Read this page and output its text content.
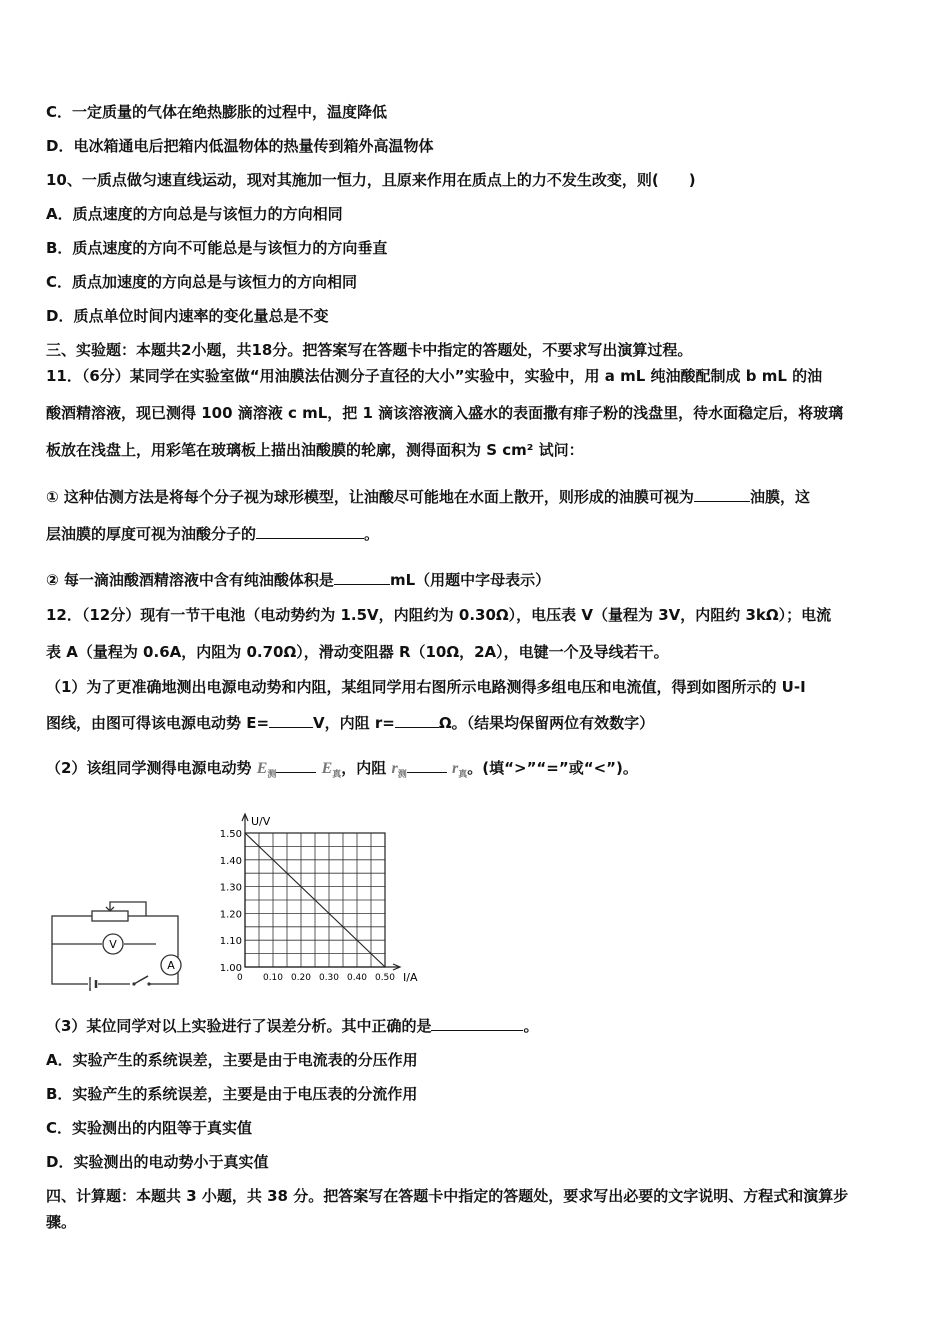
C．一定质量的气体在绝热膨胀的过程中，温度降低
D．电冰箱通电后把箱内低温物体的热量传到箱外高温物体
10、一质点做匀速直线运动，现对其施加一恒力，且原来作用在质点上的力不发生改变，则(　　)
A．质点速度的方向总是与该恒力的方向相同
B．质点速度的方向不可能总是与该恒力的方向垂直
C．质点加速度的方向总是与该恒力的方向相同
D．质点单位时间内速率的变化量总是不变
三、实验题：本题共2小题，共18分。把答案写在答题卡中指定的答题处，不要求写出演算过程。
11．（6分）某同学在实验室做“用油膜法估测分子直径的大小”实验中，实验中，用 a mL 纯油酸配制成 b mL 的油
酸酒精溶液，现已测得 100 滴溶液 c mL，把 1 滴该溶液滴入盛水的表面撒有痱子粉的浅盘里，待水面稳定后，将玻璃
板放在浅盘上，用彩笔在玻璃板上描出油酸膜的轮廓，测得面积为 S cm² 试问：
① 这种估测方法是将每个分子视为球形模型，让油酸尽可能地在水面上散开，则形成的油膜可视为	油膜，这
层油膜的厚度可视为油酸分子的	。
② 每一滴油酸酒精溶液中含有纯油酸体积是	mL（用题中字母表示）
12．（12分）现有一节干电池（电动势约为 1.5V，内阻约为 0.30Ω），电压表 V（量程为 3V，内阻约 3kΩ）；电流
表 A（量程为 0.6A，内阻为 0.70Ω），滑动变阻器 R（10Ω，2A），电键一个及导线若干。
（1）为了更准确地测出电源电动势和内阻，某组同学用右图所示电路测得多组电压和电流值，得到如图所示的 U-I
图线，由图可得该电源电动势 E=	V，内阻 r=	Ω。（结果均保留两位有效数字）
（2）该组同学测得电源电动势 $E_测$	$E_真$，内阻 $r_测$	$r_真$。(填“>”“=”或“<”)。
V
A
U/V
I/A
0
1.00
1.10
1.20
1.30
1.40
1.50
0.10 0.20 0.30 0.40 0.50
（3）某位同学对以上实验进行了误差分析。其中正确的是	。
A．实验产生的系统误差，主要是由于电流表的分压作用
B．实验产生的系统误差，主要是由于电压表的分流作用
C．实验测出的内阻等于真实值
D．实验测出的电动势小于真实值
四、计算题：本题共 3 小题，共 38 分。把答案写在答题卡中指定的答题处，要求写出必要的文字说明、方程式和演算步
骤。
